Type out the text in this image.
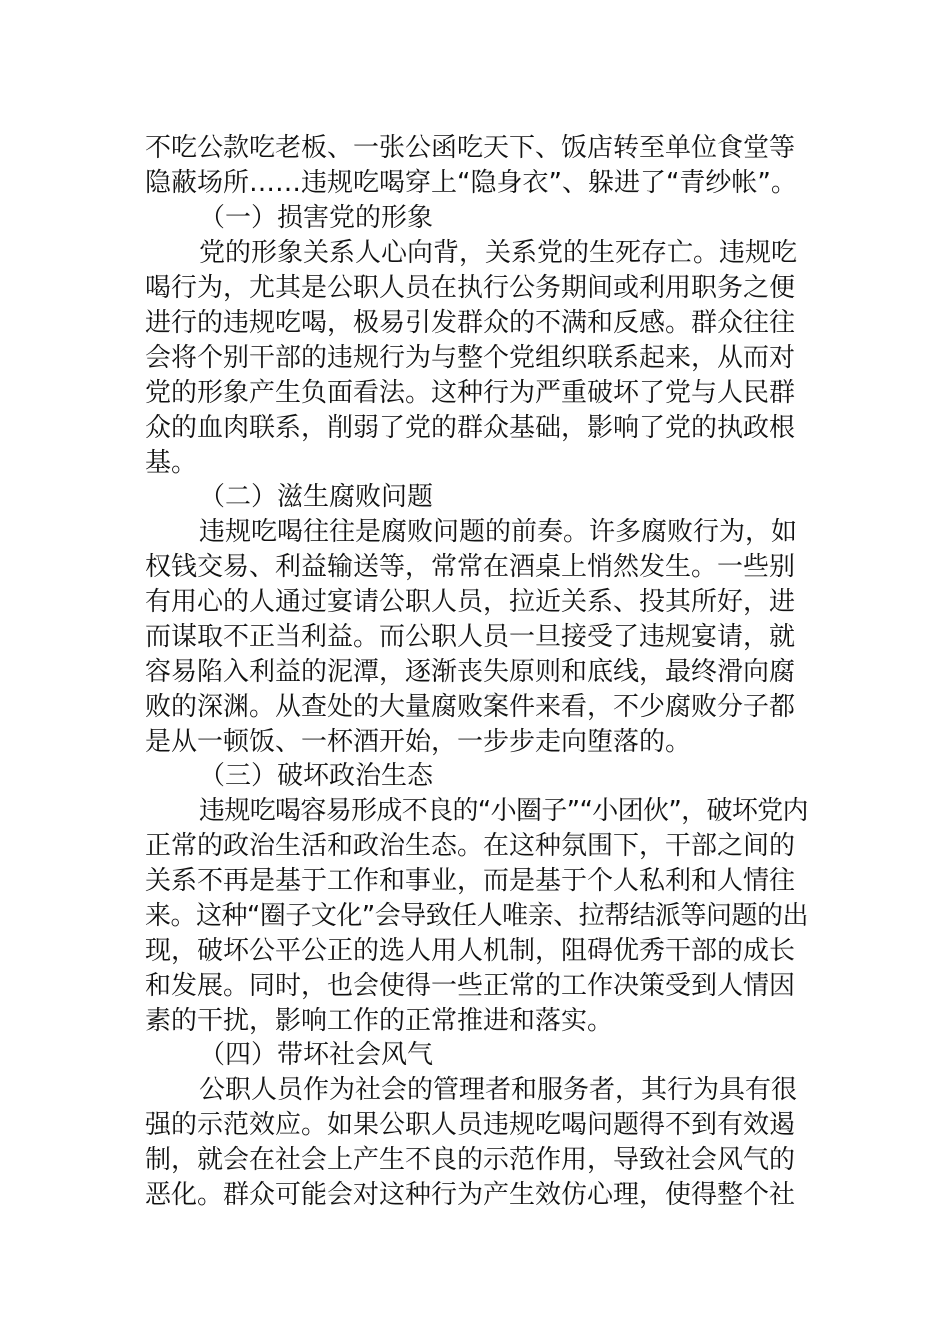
不吃公款吃老板、一张公函吃天下、饭店转至单位食堂等
隐蔽场所……违规吃喝穿上“隐身衣”、躲进了“青纱帐”。
（一）损害党的形象
党的形象关系人心向背，关系党的生死存亡。违规吃
喝行为，尤其是公职人员在执行公务期间或利用职务之便
进行的违规吃喝，极易引发群众的不满和反感。群众往往
会将个别干部的违规行为与整个党组织联系起来，从而对
党的形象产生负面看法。这种行为严重破坏了党与人民群
众的血肉联系，削弱了党的群众基础，影响了党的执政根
基。
（二）滋生腐败问题
违规吃喝往往是腐败问题的前奏。许多腐败行为，如
权钱交易、利益输送等，常常在酒桌上悄然发生。一些别
有用心的人通过宴请公职人员，拉近关系、投其所好，进
而谋取不正当利益。而公职人员一旦接受了违规宴请，就
容易陷入利益的泥潭，逐渐丧失原则和底线，最终滑向腐
败的深渊。从查处的大量腐败案件来看，不少腐败分子都
是从一顿饭、一杯酒开始，一步步走向堕落的。
（三）破坏政治生态
违规吃喝容易形成不良的“小圈子”“小团伙”，破坏党内
正常的政治生活和政治生态。在这种氛围下，干部之间的
关系不再是基于工作和事业，而是基于个人私利和人情往
来。这种“圈子文化”会导致任人唯亲、拉帮结派等问题的出
现，破坏公平公正的选人用人机制，阻碍优秀干部的成长
和发展。同时，也会使得一些正常的工作决策受到人情因
素的干扰，影响工作的正常推进和落实。
（四）带坏社会风气
公职人员作为社会的管理者和服务者，其行为具有很
强的示范效应。如果公职人员违规吃喝问题得不到有效遏
制，就会在社会上产生不良的示范作用，导致社会风气的
恶化。群众可能会对这种行为产生效仿心理，使得整个社
